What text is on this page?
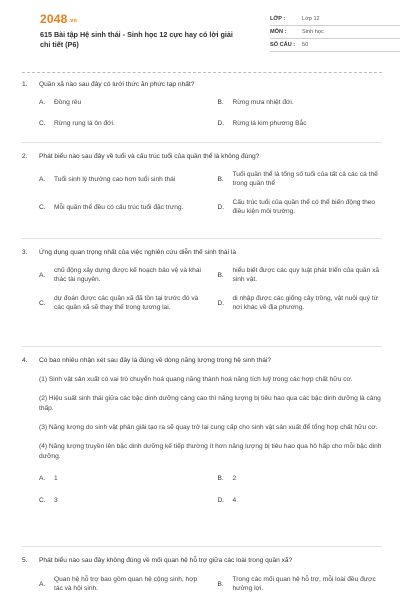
2048.vn
615 Bài tập Hệ sinh thái - Sinh học 12 cực hay có lời giải chi tiết (P6)
LỚP :	Lớp 12
MÔN :	Sinh học
SỐ CÂU :	50
1.	Quần xã nào sau đây có lưới thức ăn phức tạp nhất?
A.	Đồng rêu	B.	Rừng mưa nhiệt đới.
C.	Rừng rụng lá ôn đới.	D.	Rừng lá kim phương Bắc
2.	Phát biểu nào sau đây về tuổi và cấu trúc tuổi của quần thể là không đúng?
A.	Tuổi sinh lý thường cao hơn tuổi sinh thái	B.
Tuổi quần thể là tổng số tuổi của tất cả các cá thể trong quần thể
C.	Mỗi quần thể đều có cấu trúc tuổi đặc trưng.	D.
Cấu trúc tuổi của quần thể có thể biến động theo điều kiện môi trường.
3.	Ứng dụng quan trọng nhất của việc nghiên cứu diễn thế sinh thái là
A.
chủ động xây dựng được kế hoạch bảo vệ và khai thác tài nguyên.
B.
hiểu biết được các quy luật phát triển của quần xã sinh vật.
C.
dự đoán được các quần xã đã tồn tại trước đó và các quần xã sẽ thay thế trong tương lai.
D.
di nhập được các giống cây trồng, vật nuôi quý từ nơi khác về địa phương.
4.	Có bao nhiêu nhận xét sau đây là đúng về dòng năng lượng trong hệ sinh thái?
(1) Sinh vật sản xuất có vai trò chuyển hoá quang năng thành hoá năng tích luỹ trong các hợp chất hữu cơ.
(2) Hiệu suất sinh thái giữa các bậc dinh dưỡng càng cao thì năng lượng bị tiêu hao qua các bậc dinh dưỡng là càng thấp.
(3) Năng lượng do sinh vật phân giải tạo ra sẽ quay trở lại cung cấp cho sinh vật sản xuất để tổng hợp chất hữu cơ.
(4) Năng lượng truyền lên bậc dinh dưỡng kế tiếp thường ít hơn năng lượng bị tiêu hao qua hô hấp cho mỗi bậc dinh dưỡng.
A.	1	B.	2
C.	3	D.	4
5.	Phát biểu nào sau đây không đúng về mối quan hệ hỗ trợ giữa các loài trong quần xã?
A.
Quan hệ hỗ trợ bao gồm quan hệ cộng sinh, hợp tác và hội sinh.
B.
Trong các mối quan hệ hỗ trợ, mỗi loài đều được hưởng lợi.
